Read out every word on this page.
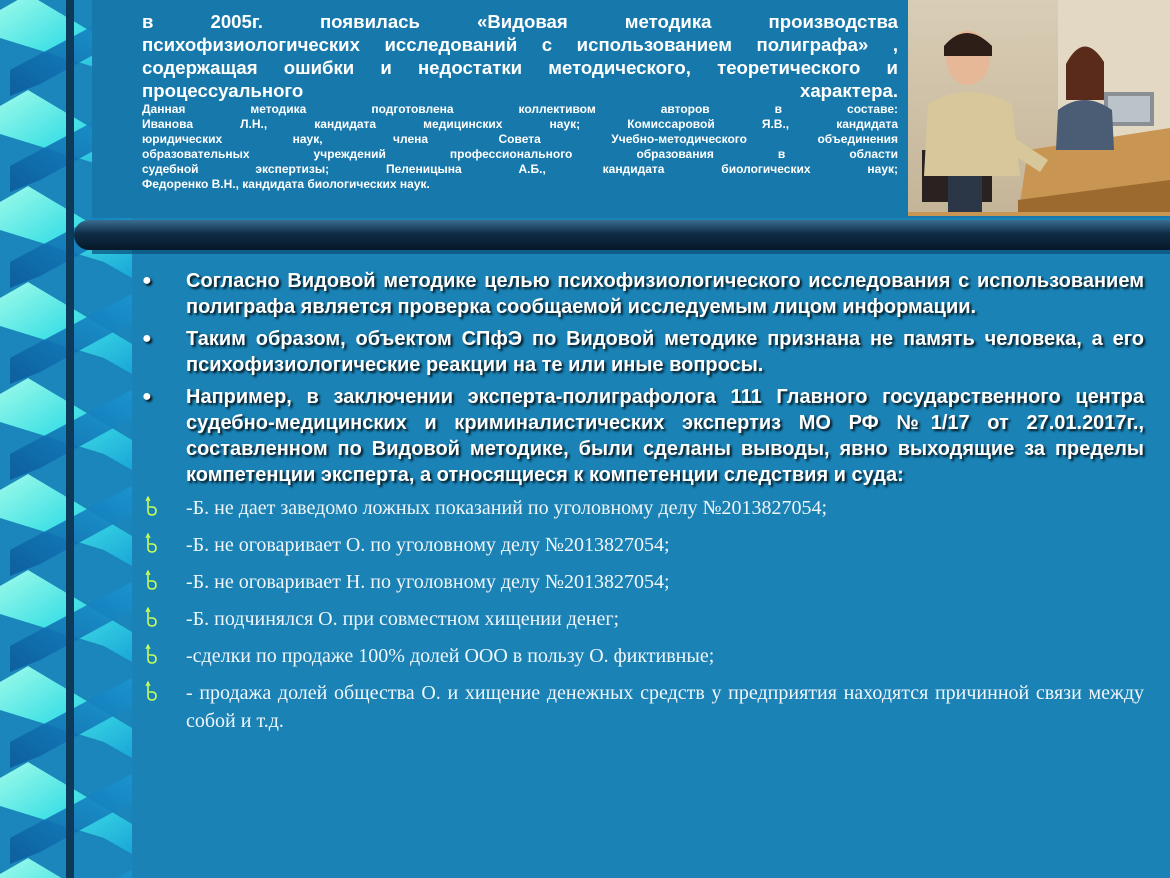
в 2005г. появилась «Видовая методика производства

психофизиологических исследований с использованием полиграфа» ,

содержащая ошибки и недостатки методического, теоретического и

процессуального характера.

Данная методика подготовлена коллективом авторов в составе:

Иванова Л.Н., кандидата медицинских наук; Комиссаровой Я.В., кандидата

юридических наук, члена Совета Учебно-методического объединения

образовательных учреждений профессионального образования в области

судебной экспертизы; Пеленицына А.Б., кандидата биологических наук;

Федоренко В.Н., кандидата биологических наук.

● Согласно Видовой методике целью психофизиологического исследования с использованием полиграфа является проверка сообщаемой исследуемым лицом информации.
● Таким образом, объектом СПфЭ по Видовой методике признана не память человека, а его психофизиологические реакции на те или иные вопросы.
● Например, в заключении эксперта-полиграфолога 111 Главного государственного центра судебно-медицинских и криминалистических экспертиз МО РФ №1/17 от 27.01.2017г., составленном по Видовой методике, были сделаны выводы, явно выходящие за пределы компетенции эксперта, а относящиеся к компетенции следствия и суда:
-Б. не дает заведомо ложных показаний по уголовному делу №2013827054;
-Б. не оговаривает О. по уголовному делу №2013827054;
-Б. не оговаривает Н. по уголовному делу №2013827054;
-Б. подчинялся О. при совместном хищении денег;
-сделки по продаже 100% долей ООО в пользу О. фиктивные;
- продажа долей общества О. и хищение денежных средств у предприятия находятся причинной связи между собой и т.д.
